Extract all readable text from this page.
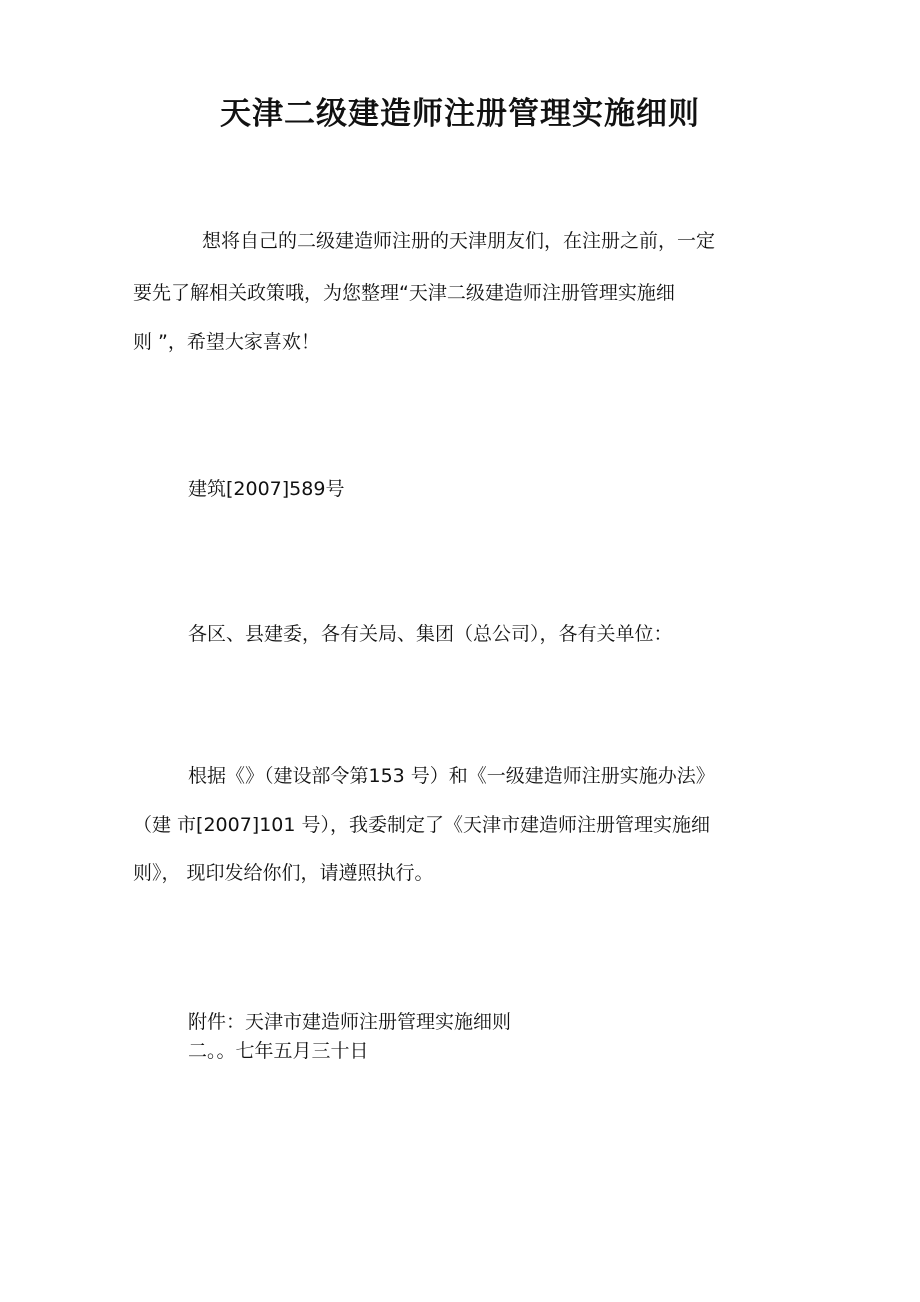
天津二级建造师注册管理实施细则
想将自己的二级建造师注册的天津朋友们，在注册之前，一定
要先了解相关政策哦，为您整理“天津二级建造师注册管理实施细
则 ”，希望大家喜欢！
建筑[2007]589号
各区、县建委，各有关局、集团（总公司），各有关单位：
根据《》（建设部令第153 号）和《一级建造师注册实施办法》
（建 市[2007]101 号），我委制定了《天津市建造师注册管理实施细
则》， 现印发给你们，请遵照执行。
附件：天津市建造师注册管理实施细则
二。。七年五月三十日
